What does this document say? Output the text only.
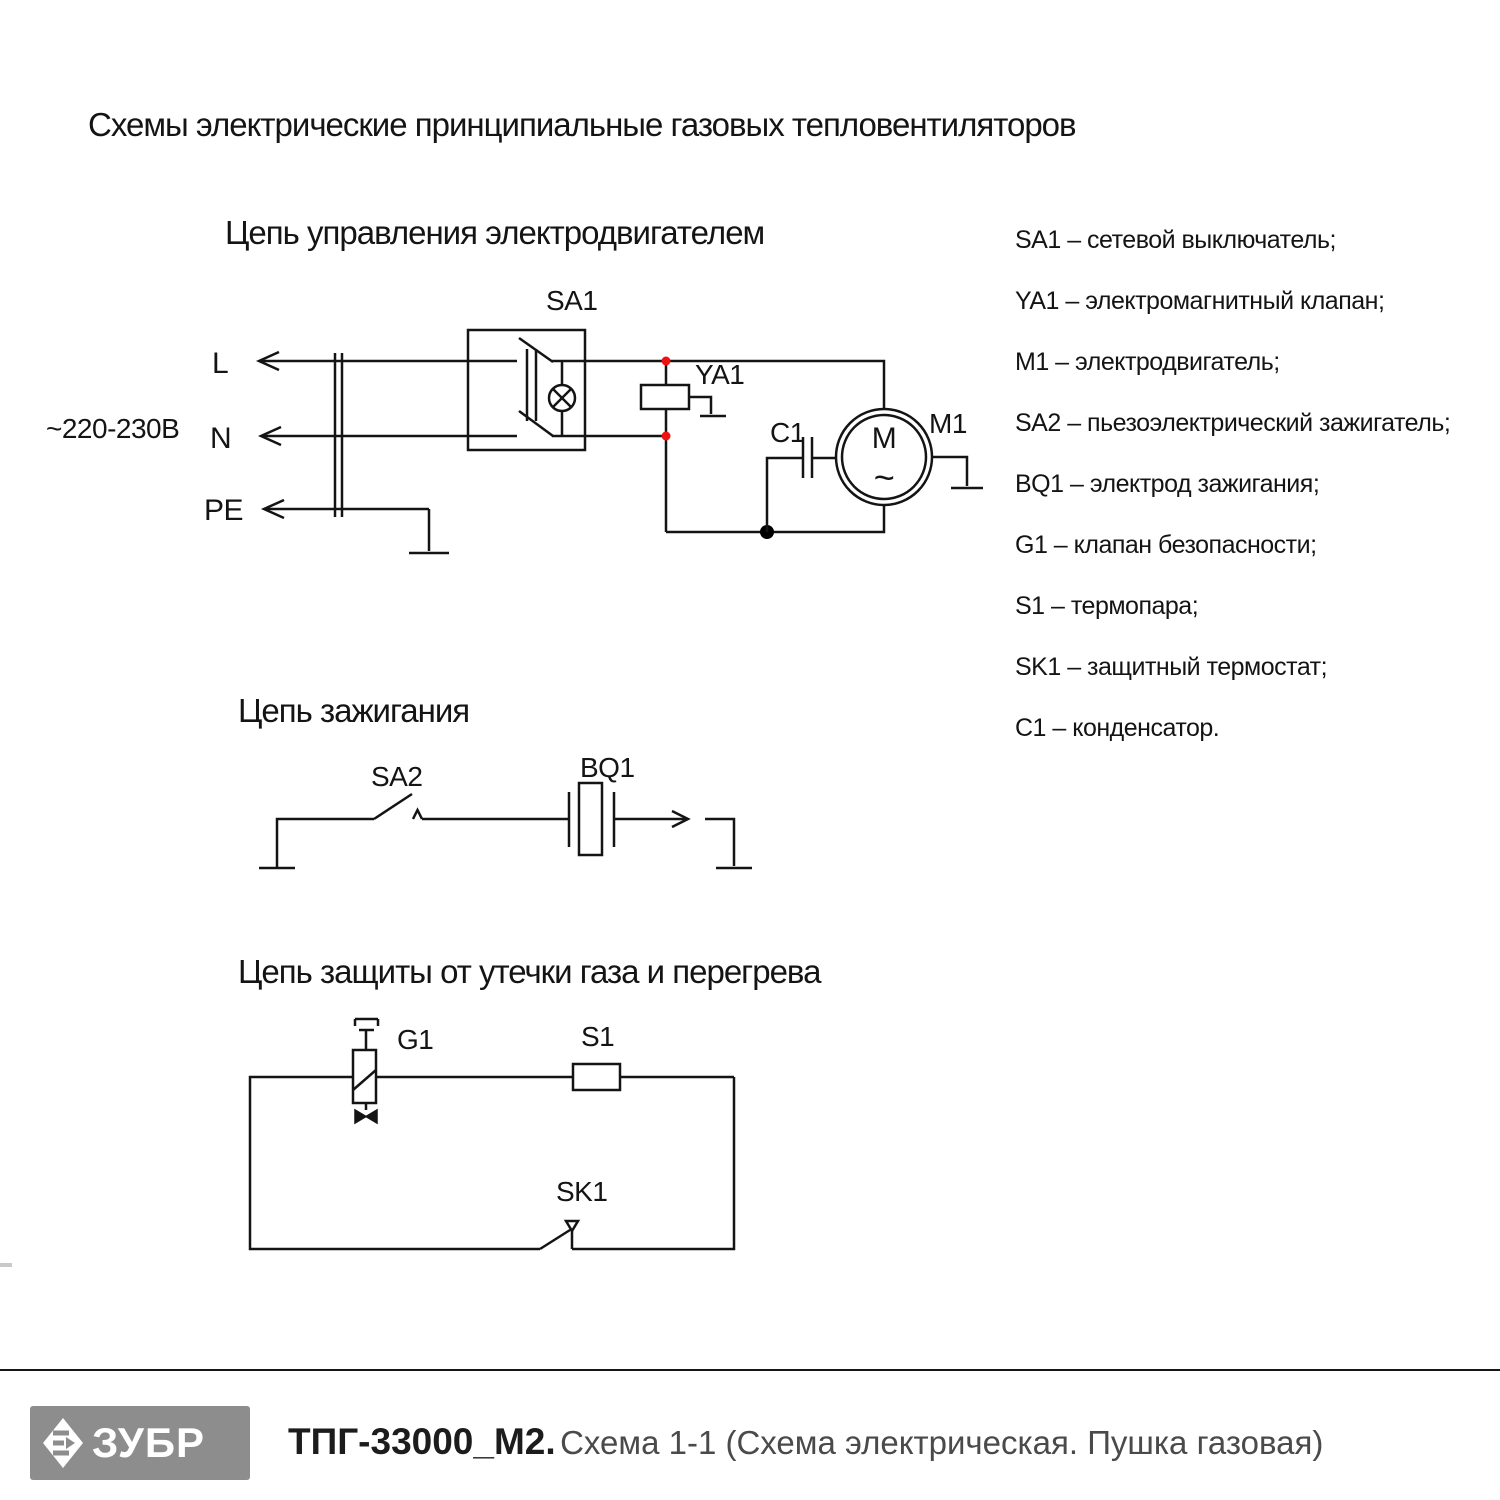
Схемы электрические принципиальные газовых тепловентиляторов
Цепь управления электродвигателем
Цепь зажигания
Цепь защиты от утечки газа и перегрева
SA1 – сетевой выключатель;
YA1 – электромагнитный клапан;
M1 – электродвигатель;
SA2 – пьезоэлектрический зажигатель;
BQ1 – электрод зажигания;
G1 – клапан безопасности;
S1 – термопара;
SK1 – защитный термостат;
C1 – конденсатор.
L
N
PE
~220-230В
SA1
YA1
C1 M
~
M1
SA2	BQ1
G1	S1
SK1
ЗУБР ТПГ-33000_М2. Схема 1-1 (Схема электрическая. Пушка газовая)
